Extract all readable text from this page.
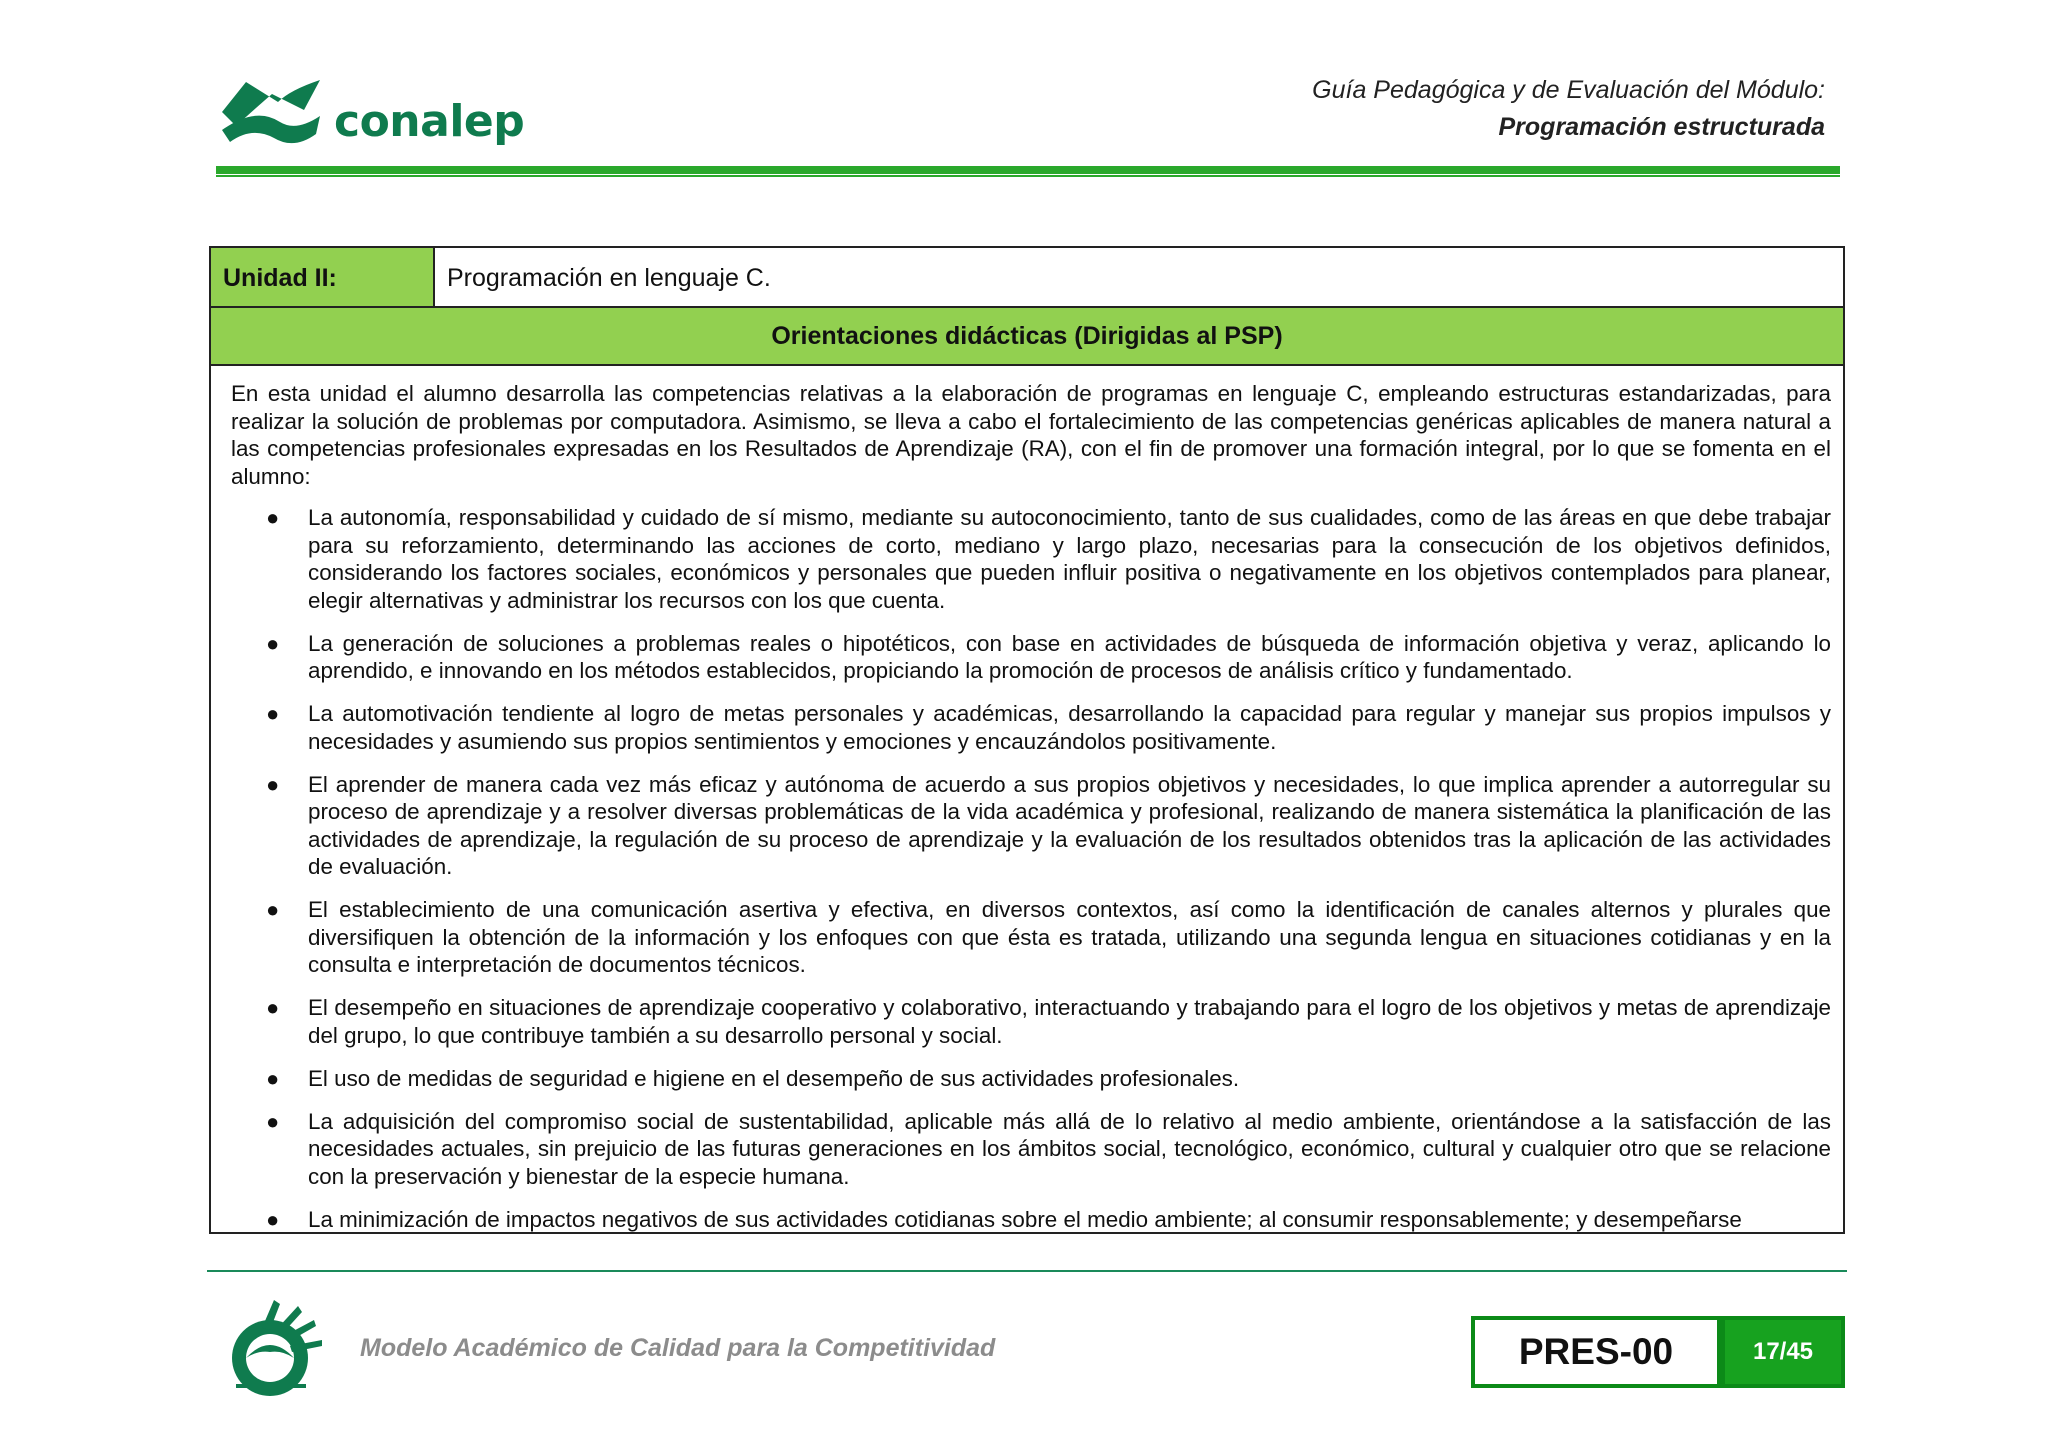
conalep
Guía Pedagógica y de Evaluación del Módulo:
Programación estructurada
Unidad II:	Programación en lenguaje C.
Orientaciones didácticas (Dirigidas al PSP)

En esta unidad el alumno desarrolla las competencias relativas a la elaboración de programas en lenguaje C, empleando estructuras estandarizadas, para realizar la solución de problemas por computadora. Asimismo, se lleva a cabo el fortalecimiento de las competencias genéricas aplicables de manera natural a las competencias profesionales expresadas en los Resultados de Aprendizaje (RA), con el fin de promover una formación integral, por lo que se fomenta en el alumno:

● La autonomía, responsabilidad y cuidado de sí mismo, mediante su autoconocimiento, tanto de sus cualidades, como de las áreas en que debe trabajar para su reforzamiento, determinando las acciones de corto, mediano y largo plazo, necesarias para la consecución de los objetivos definidos, considerando los factores sociales, económicos y personales que pueden influir positiva o negativamente en los objetivos contemplados para planear, elegir alternativas y administrar los recursos con los que cuenta.
● La generación de soluciones a problemas reales o hipotéticos, con base en actividades de búsqueda de información objetiva y veraz, aplicando lo aprendido, e innovando en los métodos establecidos, propiciando la promoción de procesos de análisis crítico y fundamentado.
● La automotivación tendiente al logro de metas personales y académicas, desarrollando la capacidad para regular y manejar sus propios impulsos y necesidades y asumiendo sus propios sentimientos y emociones y encauzándolos positivamente.
● El aprender de manera cada vez más eficaz y autónoma de acuerdo a sus propios objetivos y necesidades, lo que implica aprender a autorregular su proceso de aprendizaje y a resolver diversas problemáticas de la vida académica y profesional, realizando de manera sistemática la planificación de las actividades de aprendizaje, la regulación de su proceso de aprendizaje y la evaluación de los resultados obtenidos tras la aplicación de las actividades de evaluación.
● El establecimiento de una comunicación asertiva y efectiva, en diversos contextos, así como la identificación de canales alternos y plurales que diversifiquen la obtención de la información y los enfoques con que ésta es tratada, utilizando una segunda lengua en situaciones cotidianas y en la consulta e interpretación de documentos técnicos.
● El desempeño en situaciones de aprendizaje cooperativo y colaborativo, interactuando y trabajando para el logro de los objetivos y metas de aprendizaje del grupo, lo que contribuye también a su desarrollo personal y social.
● El uso de medidas de seguridad e higiene en el desempeño de sus actividades profesionales.
● La adquisición del compromiso social de sustentabilidad, aplicable más allá de lo relativo al medio ambiente, orientándose a la satisfacción de las necesidades actuales, sin prejuicio de las futuras generaciones en los ámbitos social, tecnológico, económico, cultural y cualquier otro que se relacione con la preservación y bienestar de la especie humana.
● La minimización de impactos negativos de sus actividades cotidianas sobre el medio ambiente; al consumir responsablemente; y desempeñarse
Modelo Académico de Calidad para la Competitividad	PRES-00	17/45
